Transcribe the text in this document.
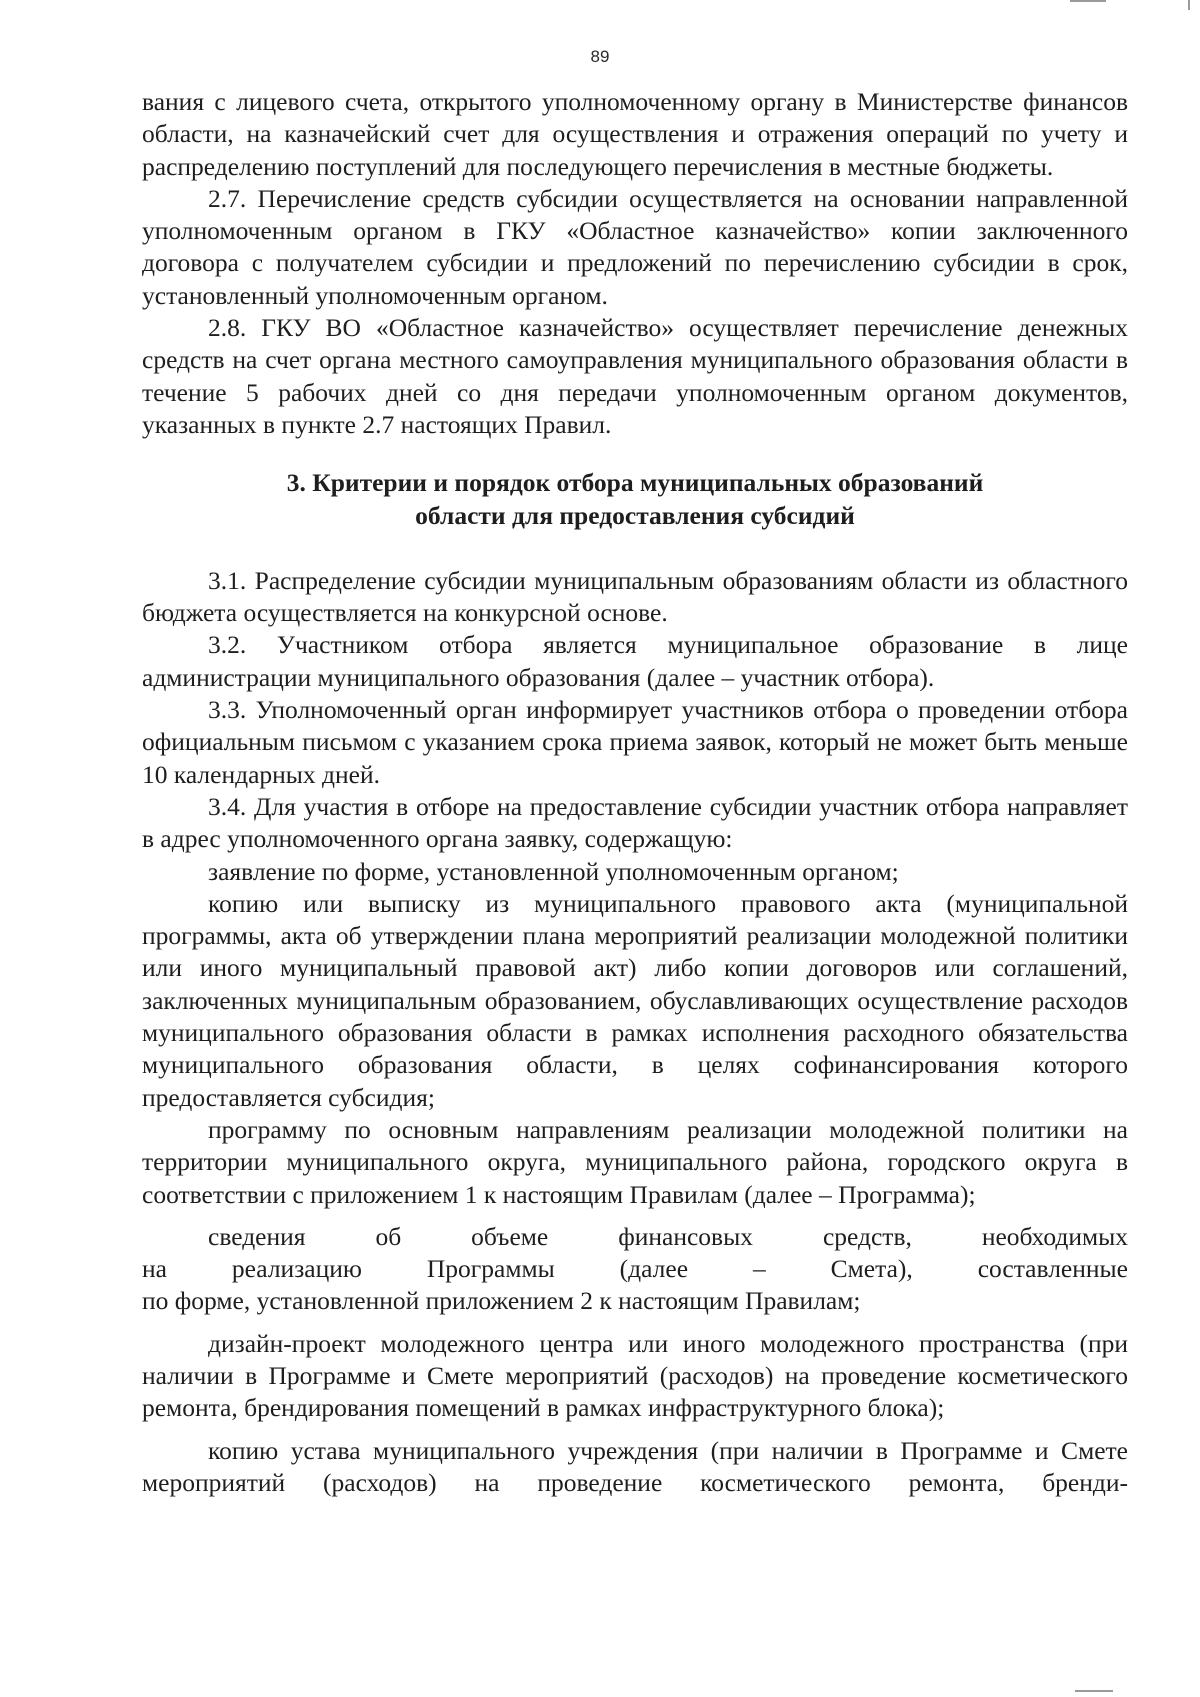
89

вания с лицевого счета, открытого уполномоченному органу в Министерстве финансов области, на казначейский счет для осуществления и отражения операций по учету и распределению поступлений для последующего перечисления в местные бюджеты.

2.7. Перечисление средств субсидии осуществляется на основании направленной уполномоченным органом в ГКУ «Областное казначейство» копии заключенного договора с получателем субсидии и предложений по перечислению субсидии в срок, установленный уполномоченным органом.

2.8. ГКУ ВО «Областное казначейство» осуществляет перечисление денежных средств на счет органа местного самоуправления муниципального образования области в течение 5 рабочих дней со дня передачи уполномоченным органом документов, указанных в пункте 2.7 настоящих Правил.

3. Критерии и порядок отбора муниципальных образований

области для предоставления субсидий

3.1. Распределение субсидии муниципальным образованиям области из областного бюджета осуществляется на конкурсной основе.

3.2. Участником отбора является муниципальное образование в лице администрации муниципального образования (далее – участник отбора).

3.3. Уполномоченный орган информирует участников отбора о проведении отбора официальным письмом с указанием срока приема заявок, который не может быть меньше 10 календарных дней.

3.4. Для участия в отборе на предоставление субсидии участник отбора направляет в адрес уполномоченного органа заявку, содержащую:

заявление по форме, установленной уполномоченным органом;

копию или выписку из муниципального правового акта (муниципальной программы, акта об утверждении плана мероприятий реализации молодежной политики или иного муниципальный правовой акт) либо копии договоров или соглашений, заключенных муниципальным образованием, обуславливающих осуществление расходов муниципального образования области в рамках исполнения расходного обязательства муниципального образования области, в целях софинансирования которого предоставляется субсидия;

программу по основным направлениям реализации молодежной политики на территории муниципального округа, муниципального района, городского округа в соответствии с приложением 1 к настоящим Правилам (далее – Программа);

сведения об объеме финансовых средств, необходимых

на реализацию Программы (далее – Смета), составленные

по форме, установленной приложением 2 к настоящим Правилам;

дизайн-проект молодежного центра или иного молодежного пространства (при наличии в Программе и Смете мероприятий (расходов) на проведение косметического ремонта, брендирования помещений в рамках инфраструктурного блока);

копию устава муниципального учреждения (при наличии в Программе и Смете мероприятий (расходов) на проведение косметического ремонта, бренди-
